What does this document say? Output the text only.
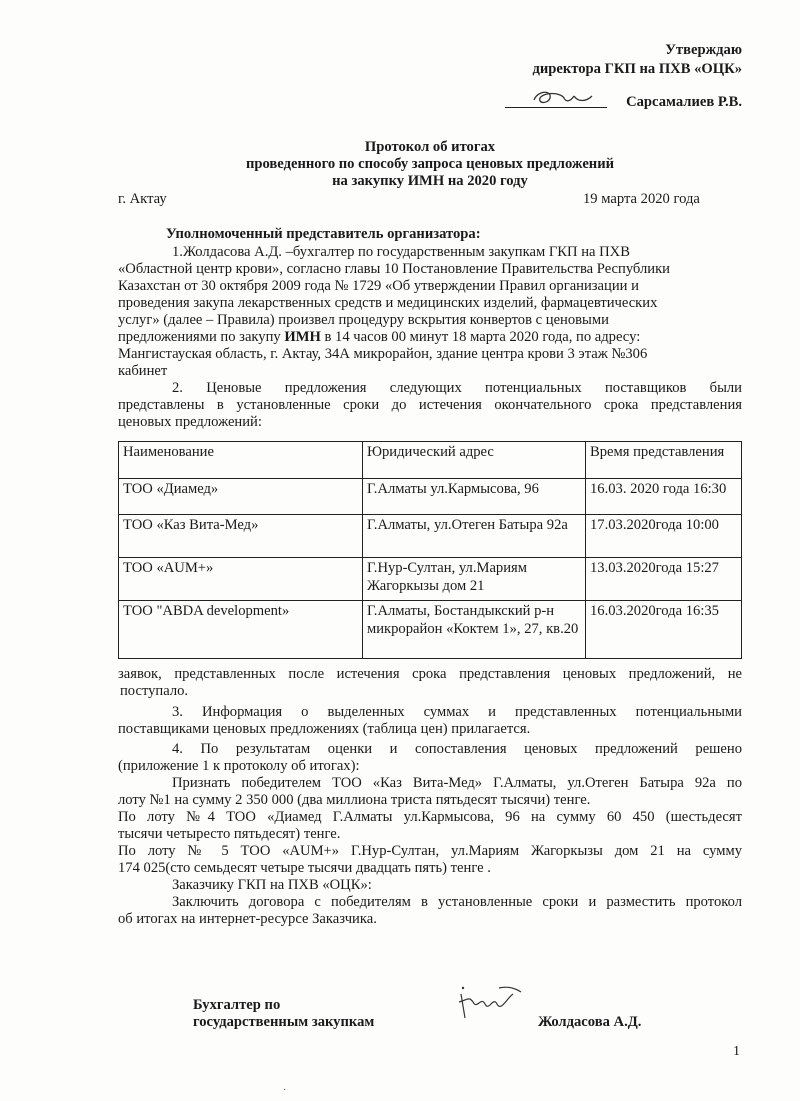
Утверждаю
директора ГКП на ПХВ «ОЦК»
Сарсамалиев Р.В.
Протокол об итогах
проведенного по способу запроса ценовых предложений
на закупку ИМН на 2020 году
г. Актау	19 марта 2020 года
Уполномоченный представитель организатора:
1.Жолдасова А.Д. –бухгалтер по государственным закупкам ГКП на ПХВ
«Областной центр крови», согласно главы 10 Постановление Правительства Республики
Казахстан от 30 октября 2009 года № 1729 «Об утверждении Правил организации и
проведения закупа лекарственных средств и медицинских изделий, фармацевтических
услуг» (далее – Правила) произвел процедуру вскрытия конвертов с ценовыми
предложениями по закупу ИМН в 14 часов 00 минут 18 марта 2020 года, по адресу:
Мангистауская область, г. Актау, 34А микрорайон, здание центра крови 3 этаж №306
кабинет
2. Ценовые предложения следующих потенциальных поставщиков были
представлены в установленные сроки до истечения окончательного срока представления
ценовых предложений:
Наименование	Юридический адрес	Время представления
ТОО «Диамед»	Г.Алматы ул.Кармысова, 96	16.03. 2020 года 16:30
ТОО «Каз Вита-Мед»	Г.Алматы, ул.Отеген Батыра 92а	17.03.2020года 10:00
ТОО «AUM+»	Г.Нур-Султан, ул.Мариям Жагоркызы дом 21	13.03.2020года 15:27
ТОО "ABDA development»	Г.Алматы, Бостандыкский р-н микрорайон «Коктем 1», 27, кв.20	16.03.2020года 16:35
заявок, представленных после истечения срока представления ценовых предложений, не
поступало.
3. Информация о выделенных суммах и представленных потенциальными
поставщиками ценовых предложениях (таблица цен) прилагается.
4. По результатам оценки и сопоставления ценовых предложений решено
(приложение 1 к протоколу об итогах):
Признать победителем ТОО «Каз Вита-Мед» Г.Алматы, ул.Отеген Батыра 92а по
лоту №1 на сумму 2 350 000 (два миллиона триста пятьдесят тысячи) тенге.
По лоту №4 ТОО «Диамед Г.Алматы ул.Кармысова, 96 на сумму 60 450 (шестьдесят
тысячи четыресто пятьдесят) тенге.
По лоту № 5 ТОО «AUM+» Г.Нур-Султан, ул.Мариям Жагоркызы дом 21 на сумму
174 025(сто семьдесят четыре тысячи двадцать пять) тенге .
Заказчику ГКП на ПХВ «ОЦК»:
Заключить договора с победителям в установленные сроки и разместить протокол
об итогах на интернет-ресурсе Заказчика.
Бухгалтер по
государственным закупкам	Жолдасова А.Д.
1
·
